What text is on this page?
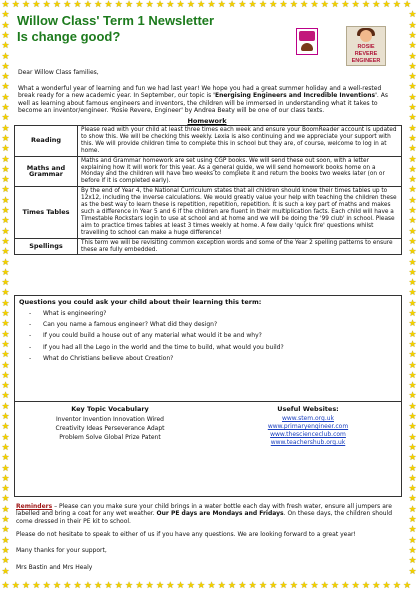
★
★
★
★
★
★
★
★
★
★
★
★
★
★
★
★
★
★
★
★
★
★
★
★
★
★
★
★
★
★
★
★
★
★
★
★
★
★
★
★
★
★
★
★
★
★
★
★
★
★
★
★
★
★
★
★
★
★
★
★
★
★
★
★
★
★
★
★
★
★
★
★
★
★
★
★
★
★
★
★
★	★
★	★
★	★
★	★
★	★
★	★
★	★
★	★
★	★
★	★
★	★
★	★
★	★
★	★
★	★
★	★
★	★
★	★
★	★
★	★
★	★
★	★
★	★
★	★
★	★
★	★
★	★
★	★
★	★
★	★
★	★
★	★
★	★
★	★
★	★
★	★
★	★
★	★
★	★
★	★
★	★
★	★
★	★
★	★
★	★
★	★
★	★
★	★
★	★
★	★
★	★
★	★
★	★
★	★
★	★
Willow Class' Term 1 Newsletter
Is change good?
ROSIE
REVERE
ENGINEER
Dear Willow Class families,
What a wonderful year of learning and fun we had last year! We hope you had a great summer holiday and a well-rested break ready for a new academic year. In September, our topic is 'Energising Engineers and Incredible Inventions'. As well as learning about famous engineers and inventors, the children will be immersed in understanding what it takes to become an inventor/engineer. 'Rosie Revere, Engineer' by Andrea Beaty will be one of our class texts.
Homework
Reading	Please read with your child at least three times each week and ensure your BoomReader account is updated to show this. We will be checking this weekly. Lexia is also continuing and we appreciate your support with this. We will provide children time to complete this in school but they are, of course, welcome to log in at home.
Maths and Grammar	Maths and Grammar homework are set using CGP books. We will send these out soon, with a letter explaining how it will work for this year. As a general guide, we will send homework books home on a Monday and the children will have two weeks to complete it and return the books two weeks later (on or before if it is completed early).
Times Tables	By the end of Year 4, the National Curriculum states that all children should know their times tables up to 12x12, including the inverse calculations. We would greatly value your help with teaching the children these as the best way to learn these is repetition, repetition, repetition. It is such a key part of maths and makes such a difference in Year 5 and 6 if the children are fluent in their multiplication facts. Each child will have a Timestable Rockstars login to use at school and at home and we will be doing the '99 club' in school. Please aim to practice times tables at least 3 times weekly at home. A few daily 'quick fire' questions whilst travelling to school can make a huge difference!
Spellings	This term we will be revisiting common exception words and some of the Year 2 spelling patterns to ensure these are fully embedded.
Questions you could ask your child about their learning this term:
- What is engineering?
- Can you name a famous engineer? What did they design?
- If you could build a house out of any material what would it be and why?
- If you had all the Lego in the world and the time to build, what would you build?
- What do Christians believe about Creation?
Key Topic Vocabulary
Inventor Invention Innovation Wired
Creativity Ideas Perseverance Adapt
Problem Solve Global Prize Patent
Useful Websites:
www.stem.org.uk
www.primaryengineer.com
www.thescienceclub.com
www.teachershub.org.uk
Reminders – Please can you make sure your child brings in a water bottle each day with fresh water, ensure all jumpers are labelled and bring a coat for any wet weather. Our PE days are Mondays and Fridays. On these days, the children should come dressed in their PE kit to school.
Please do not hesitate to speak to either of us if you have any questions. We are looking forward to a great year!
Many thanks for your support,
Mrs Bastin and Mrs Healy
